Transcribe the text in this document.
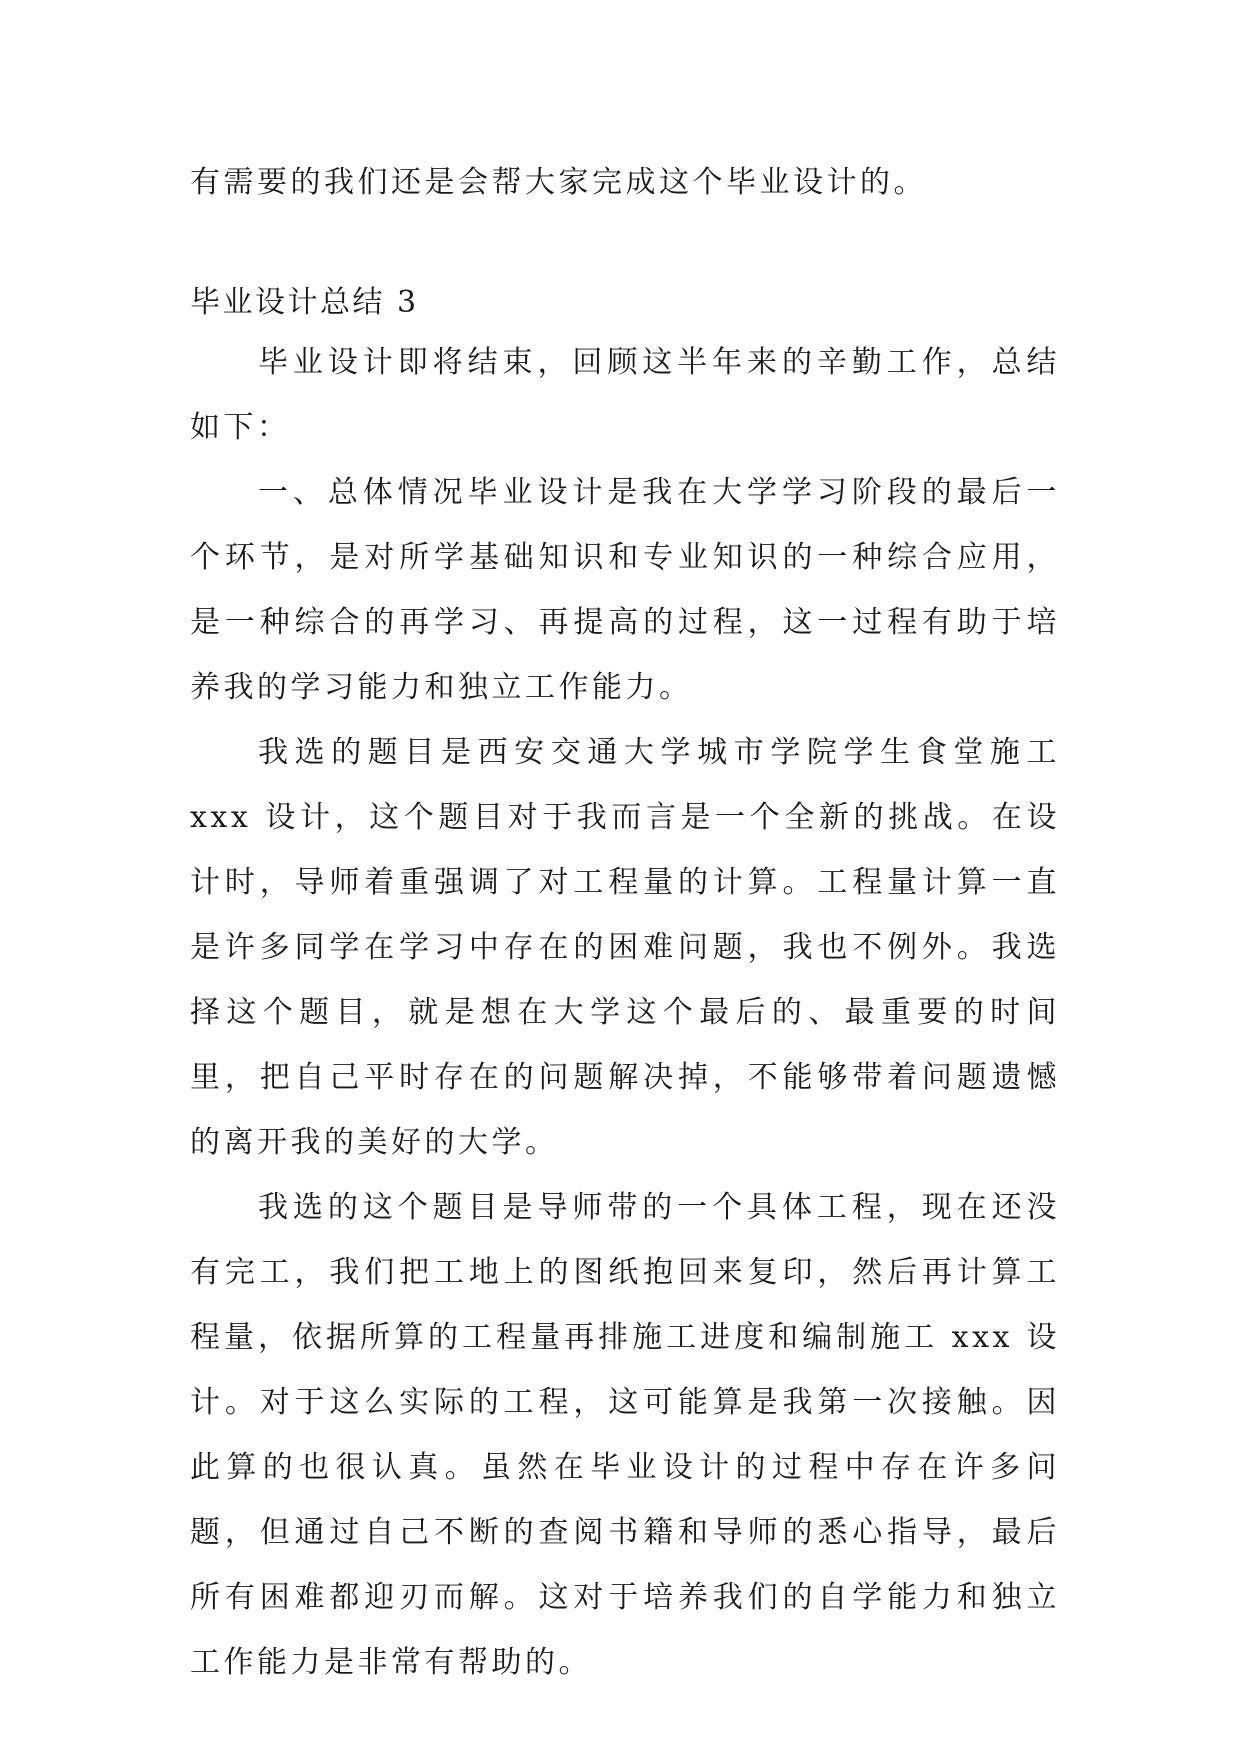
有需要的我们还是会帮大家完成这个毕业设计的。

毕业设计总结 3

毕业设计即将结束，回顾这半年来的辛勤工作，总结如下：

一、总体情况毕业设计是我在大学学习阶段的最后一个环节，是对所学基础知识和专业知识的一种综合应用，是一种综合的再学习、再提高的过程，这一过程有助于培养我的学习能力和独立工作能力。

我选的题目是西安交通大学城市学院学生食堂施工 xxx 设计，这个题目对于我而言是一个全新的挑战。在设计时，导师着重强调了对工程量的计算。工程量计算一直是许多同学在学习中存在的困难问题，我也不例外。我选择这个题目，就是想在大学这个最后的、最重要的时间里，把自己平时存在的问题解决掉，不能够带着问题遗憾的离开我的美好的大学。

我选的这个题目是导师带的一个具体工程，现在还没有完工，我们把工地上的图纸抱回来复印，然后再计算工程量，依据所算的工程量再排施工进度和编制施工 xxx 设计。对于这么实际的工程，这可能算是我第一次接触。因此算的也很认真。虽然在毕业设计的过程中存在许多问题，但通过自己不断的查阅书籍和导师的悉心指导，最后所有困难都迎刃而解。这对于培养我们的自学能力和独立工作能力是非常有帮助的。
